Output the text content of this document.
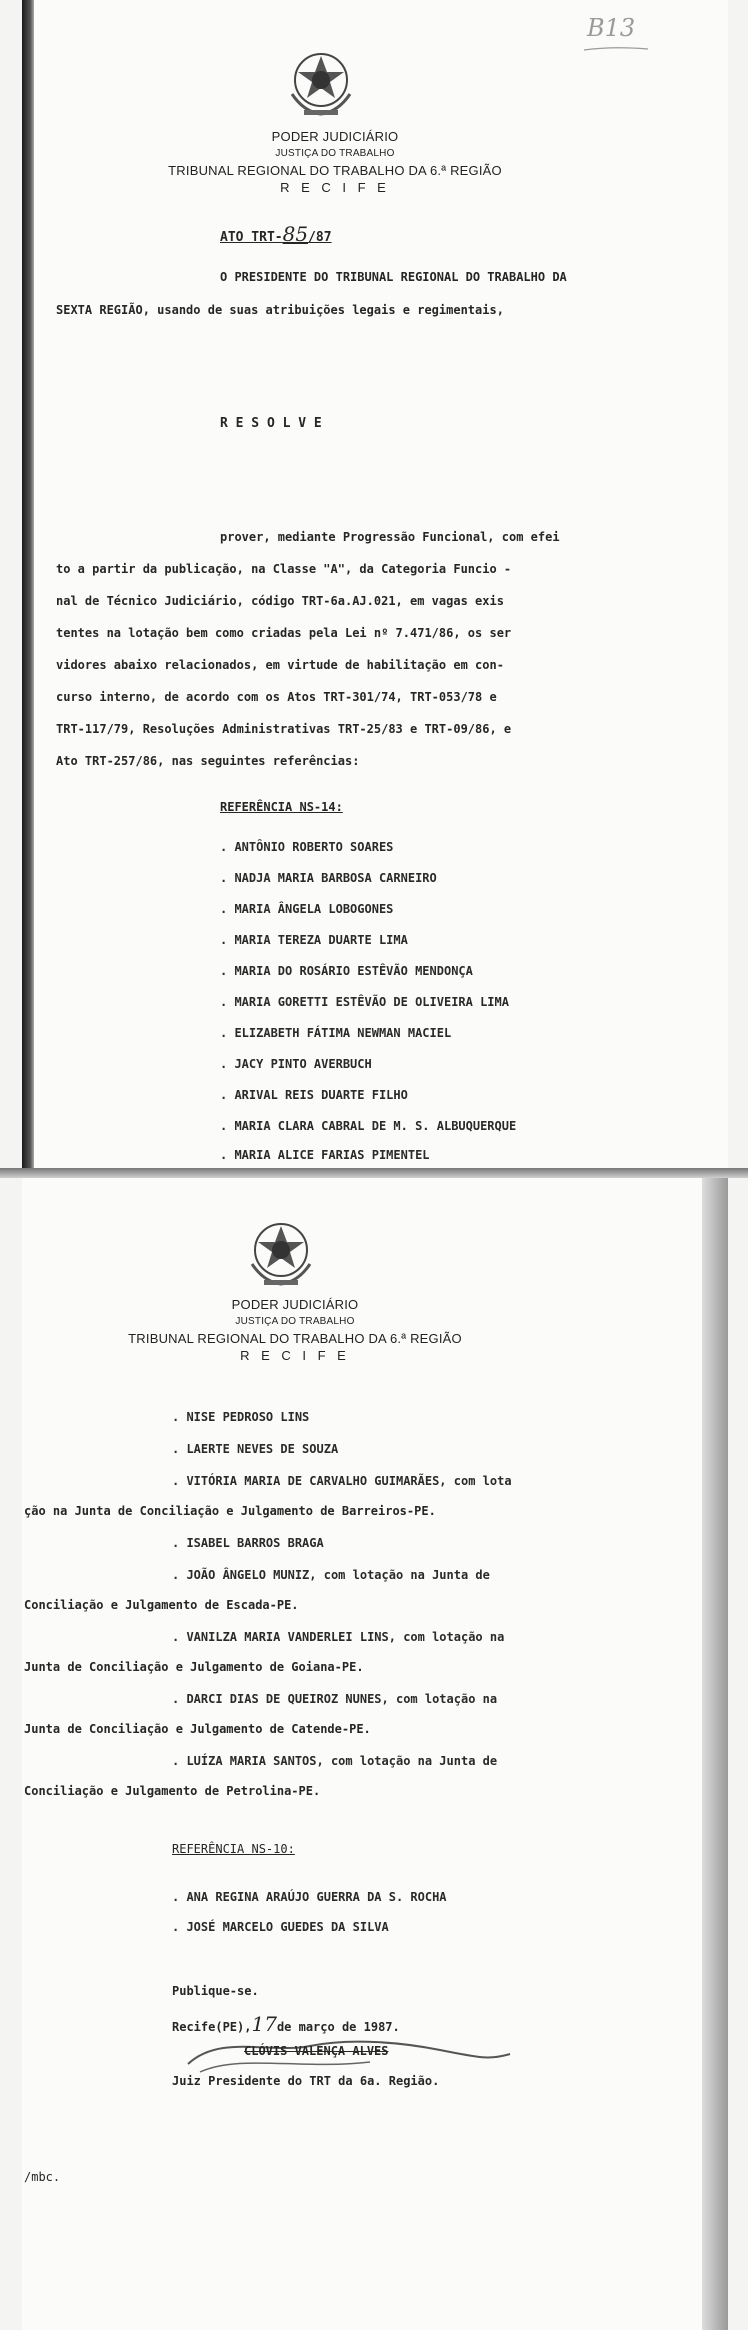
B13
PODER JUDICIÁRIO
JUSTIÇA DO TRABALHO
TRIBUNAL REGIONAL DO TRABALHO DA 6.ª REGIÃO
R E C I F E
ATO TRT-85/87
O PRESIDENTE DO TRIBUNAL REGIONAL DO TRABALHO DA
SEXTA REGIÃO, usando de suas atribuições legais e regimentais,
R E S O L V E
prover, mediante Progressão Funcional, com efei
to a partir da publicação, na Classe "A", da Categoria Funcio -
nal de Técnico Judiciário, código TRT-6a.AJ.021, em vagas exis
tentes na lotação bem como criadas pela Lei nº 7.471/86, os ser
vidores abaixo relacionados, em virtude de habilitação em con-
curso interno, de acordo com os Atos TRT-301/74, TRT-053/78 e
TRT-117/79, Resoluções Administrativas TRT-25/83 e TRT-09/86, e
Ato TRT-257/86, nas seguintes referências:
REFERÊNCIA NS-14:
. ANTÔNIO ROBERTO SOARES
. NADJA MARIA BARBOSA CARNEIRO
. MARIA ÂNGELA LOBOGONES
. MARIA TEREZA DUARTE LIMA
. MARIA DO ROSÁRIO ESTÊVÃO MENDONÇA
. MARIA GORETTI ESTÊVÃO DE OLIVEIRA LIMA
. ELIZABETH FÁTIMA NEWMAN MACIEL
. JACY PINTO AVERBUCH
. ARIVAL REIS DUARTE FILHO
. MARIA CLARA CABRAL DE M. S. ALBUQUERQUE
. MARIA ALICE FARIAS PIMENTEL
PODER JUDICIÁRIO
JUSTIÇA DO TRABALHO
TRIBUNAL REGIONAL DO TRABALHO DA 6.ª REGIÃO
R E C I F E
. NISE PEDROSO LINS
. LAERTE NEVES DE SOUZA
. VITÓRIA MARIA DE CARVALHO GUIMARÃES, com lota
ção na Junta de Conciliação e Julgamento de Barreiros-PE.
. ISABEL BARROS BRAGA
. JOÃO ÂNGELO MUNIZ, com lotação na Junta de
Conciliação e Julgamento de Escada-PE.
. VANILZA MARIA VANDERLEI LINS, com lotação na
Junta de Conciliação e Julgamento de Goiana-PE.
. DARCI DIAS DE QUEIROZ NUNES, com lotação na
Junta de Conciliação e Julgamento de Catende-PE.
. LUÍZA MARIA SANTOS, com lotação na Junta de
Conciliação e Julgamento de Petrolina-PE.
REFERÊNCIA NS-10:
. ANA REGINA ARAÚJO GUERRA DA S. ROCHA
. JOSÉ MARCELO GUEDES DA SILVA
Publique-se.
Recife(PE),17de março de 1987.
CLÓVIS VALENÇA ALVES
Juiz Presidente do TRT da 6a. Região.
/mbc.
